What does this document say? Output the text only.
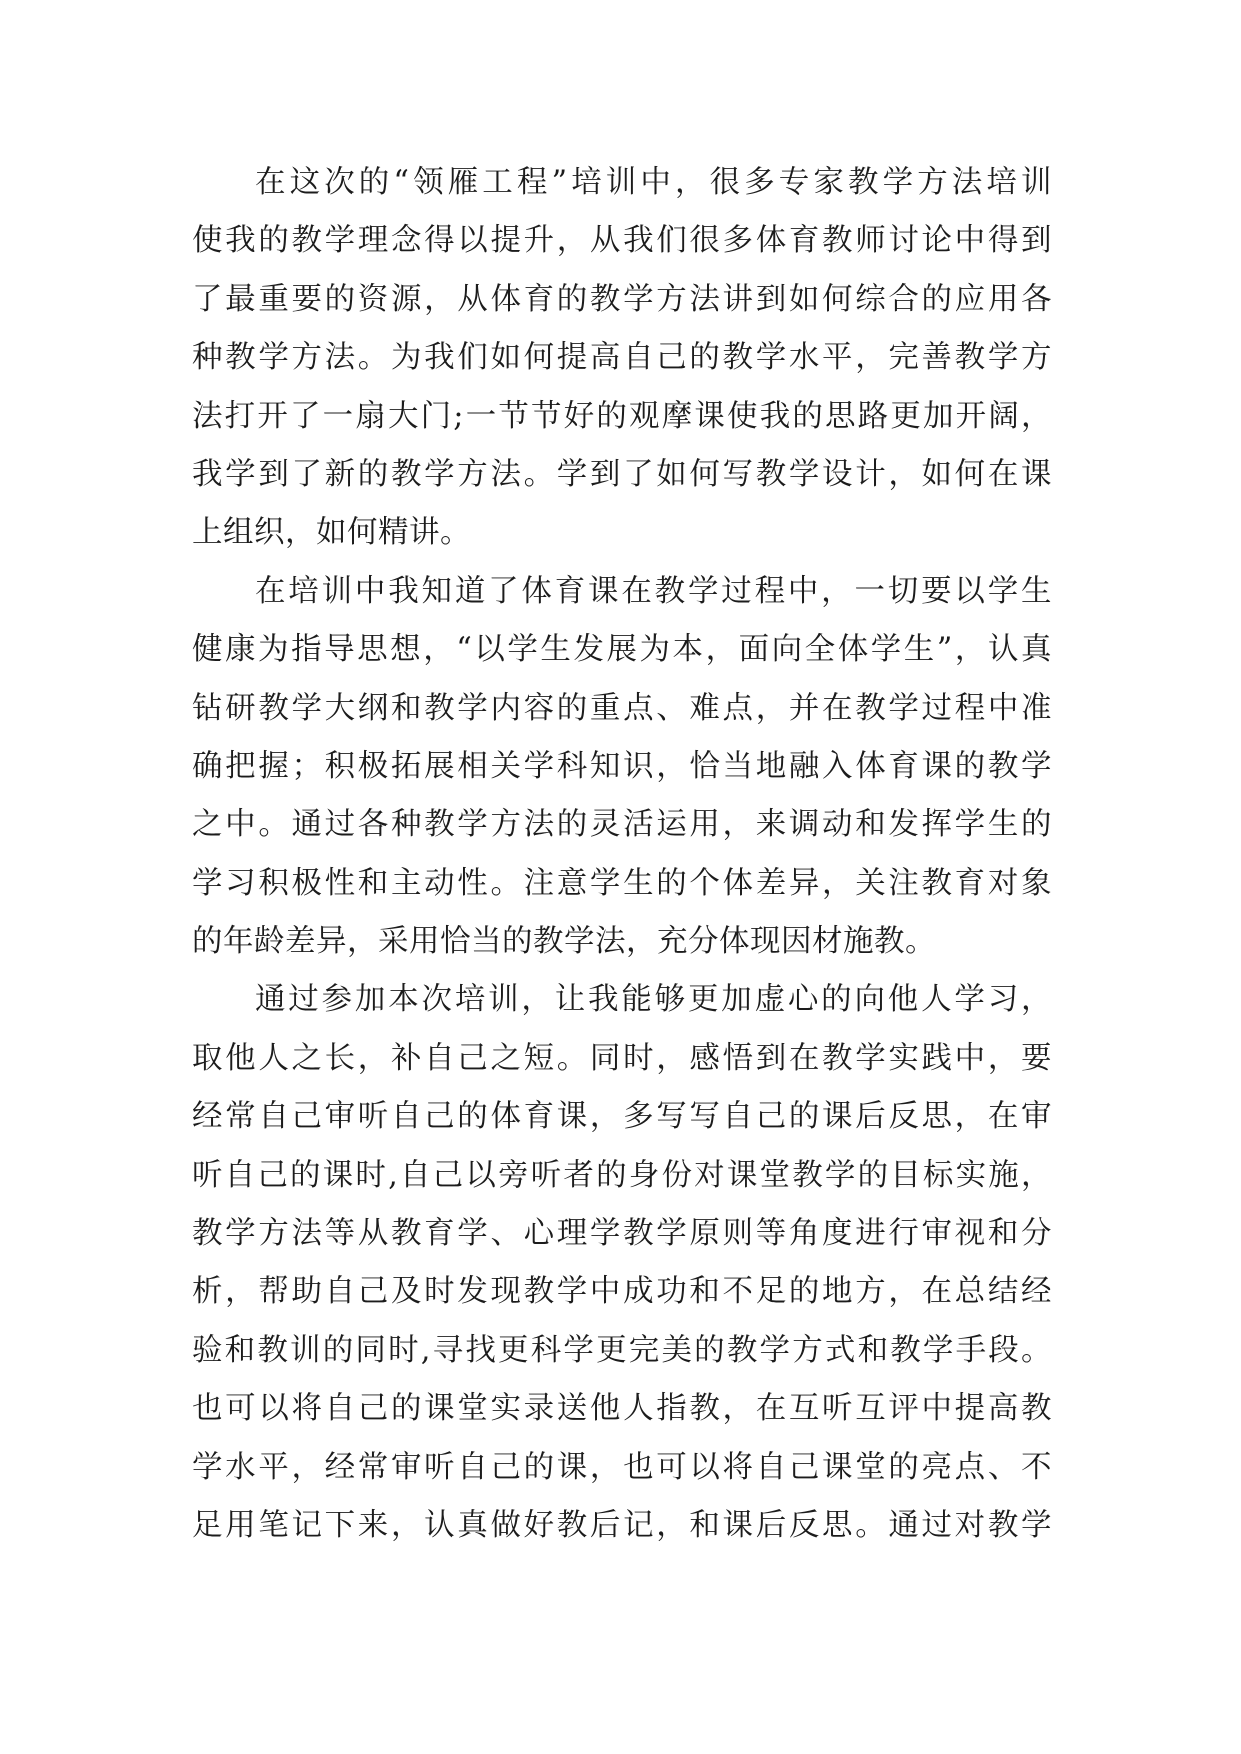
在这次的“领雁工程”培训中，很多专家教学方法培训
使我的教学理念得以提升，从我们很多体育教师讨论中得到
了最重要的资源，从体育的教学方法讲到如何综合的应用各
种教学方法。为我们如何提高自己的教学水平，完善教学方
法打开了一扇大门;一节节好的观摩课使我的思路更加开阔，
我学到了新的教学方法。学到了如何写教学设计，如何在课
上组织，如何精讲。
在培训中我知道了体育课在教学过程中，一切要以学生
健康为指导思想，“以学生发展为本，面向全体学生”，认真
钻研教学大纲和教学内容的重点、难点，并在教学过程中准
确把握；积极拓展相关学科知识，恰当地融入体育课的教学
之中。通过各种教学方法的灵活运用，来调动和发挥学生的
学习积极性和主动性。注意学生的个体差异，关注教育对象
的年龄差异，采用恰当的教学法，充分体现因材施教。
通过参加本次培训，让我能够更加虚心的向他人学习，
取他人之长，补自己之短。同时，感悟到在教学实践中，要
经常自己审听自己的体育课，多写写自己的课后反思，在审
听自己的课时,自己以旁听者的身份对课堂教学的目标实施，
教学方法等从教育学、心理学教学原则等角度进行审视和分
析，帮助自己及时发现教学中成功和不足的地方，在总结经
验和教训的同时,寻找更科学更完美的教学方式和教学手段。
也可以将自己的课堂实录送他人指教，在互听互评中提高教
学水平，经常审听自己的课，也可以将自己课堂的亮点、不
足用笔记下来，认真做好教后记，和课后反思。通过对教学
